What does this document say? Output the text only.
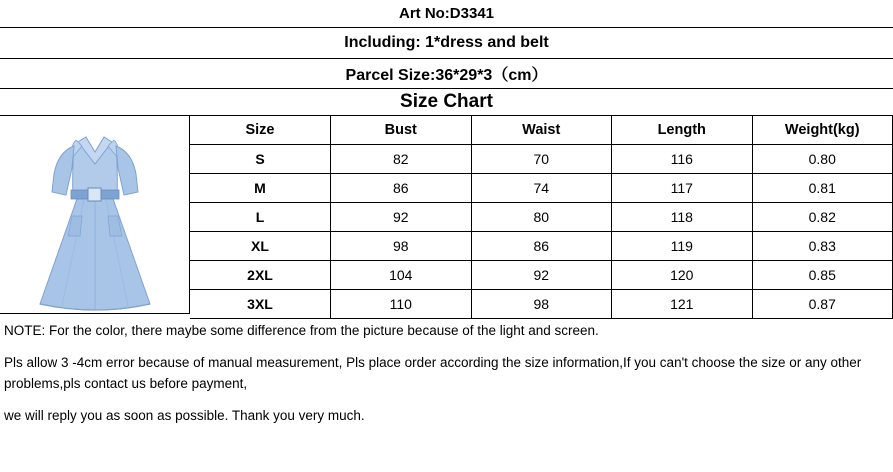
Art No:D3341
Including: 1*dress and belt
Parcel Size:36*29*3（cm）
Size Chart
Size	Bust	Waist	Length	Weight(kg)
S	82	70	116	0.80
M	86	74	117	0.81
L	92	80	118	0.82
XL	98	86	119	0.83
2XL	104	92	120	0.85
3XL	110	98	121	0.87

NOTE: For the color, there maybe some difference from the picture because of the light and screen.

Pls allow 3 -4cm error because of manual measurement, Pls place order according the size information,If you can't choose the size or any other problems,pls contact us before payment,

we will reply you as soon as possible. Thank you very much.
